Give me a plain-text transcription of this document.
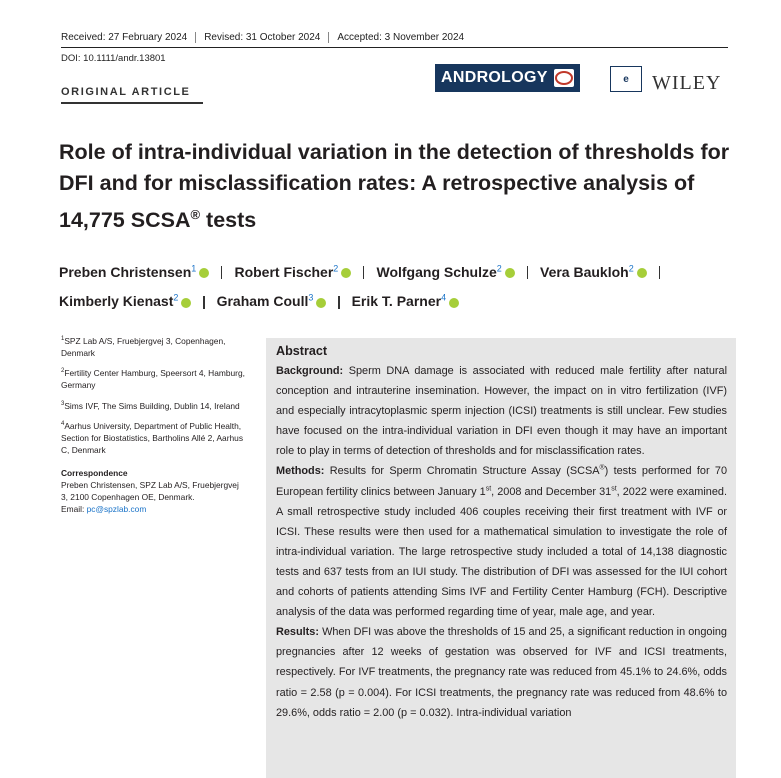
Received: 27 February 2024 Revised: 31 October 2024 Accepted: 3 November 2024
DOI: 10.1111/andr.13801
ANDROLOGY	e	WILEY
ORIGINAL ARTICLE
Role of intra-individual variation in the detection of thresholds for DFI and for misclassification rates: A retrospective analysis of 14,775 SCSA® tests
Preben Christensen$^1$	Robert Fischer$^2$	Wolfgang Schulze$^2$	Vera Baukloh$^2$
Kimberly Kienast$^2$	Graham Coull$^3$	Erik T. Parner$^4$
$^1$SPZ Lab A/S, Fruebjergvej 3, Copenhagen, Denmark
$^2$Fertility Center Hamburg, Speersort 4, Hamburg, Germany
$^3$Sims IVF, The Sims Building, Dublin 14, Ireland
$^4$Aarhus University, Department of Public Health, Section for Biostatistics, Bartholins Allé 2, Aarhus C, Denmark
Correspondence
Preben Christensen, SPZ Lab A/S, Fruebjergvej 3, 2100 Copenhagen OE, Denmark.
Email: pc@spzlab.com
Abstract

Background: Sperm DNA damage is associated with reduced male fertility after natural conception and intrauterine insemination. However, the impact on in vitro fertilization (IVF) and especially intracytoplasmic sperm injection (ICSI) treatments is still unclear. Few studies have focused on the intra-individual variation in DFI even though it may have an important role to play in terms of detection of thresholds and for misclassification rates.

Methods: Results for Sperm Chromatin Structure Assay (SCSA®) tests performed for 70 European fertility clinics between January 1st, 2008 and December 31st, 2022 were examined. A small retrospective study included 406 couples receiving their first treatment with IVF or ICSI. These results were then used for a mathematical simulation to investigate the role of intra-individual variation. The large retrospective study included a total of 14,138 diagnostic tests and 637 tests from an IUI study. The distribution of DFI was assessed for the IUI cohort and cohorts of patients attending Sims IVF and Fertility Center Hamburg (FCH). Descriptive analysis of the data was performed regarding time of year, male age, and year.

Results: When DFI was above the thresholds of 15 and 25, a significant reduction in ongoing pregnancies after 12 weeks of gestation was observed for IVF and ICSI treatments, respectively. For IVF treatments, the pregnancy rate was reduced from 45.1% to 24.6%, odds ratio = 2.58 (p = 0.004). For ICSI treatments, the pregnancy rate was reduced from 48.6% to 29.6%, odds ratio = 2.00 (p = 0.032). Intra-individual variation
